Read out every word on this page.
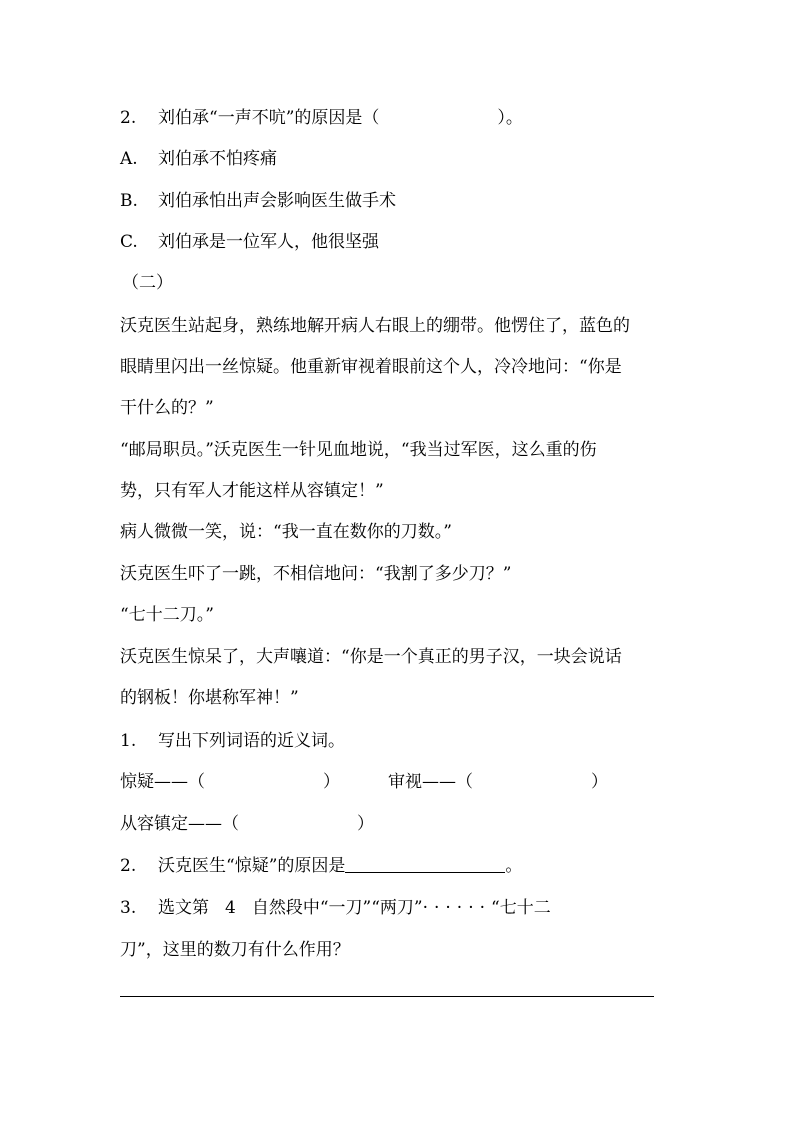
2. 刘伯承“一声不吭”的原因是（	）。
A. 刘伯承不怕疼痛
B. 刘伯承怕出声会影响医生做手术
C. 刘伯承是一位军人，他很坚强
（二）
沃克医生站起身，熟练地解开病人右眼上的绷带。他愣住了，蓝色的
眼睛里闪出一丝惊疑。他重新审视着眼前这个人，冷冷地问：“你是
干什么的？”
“邮局职员。”沃克医生一针见血地说，“我当过军医，这么重的伤
势，只有军人才能这样从容镇定！”
病人微微一笑，说：“我一直在数你的刀数。”
沃克医生吓了一跳，不相信地问：“我割了多少刀？”
“七十二刀。”
沃克医生惊呆了，大声嚷道：“你是一个真正的男子汉，一块会说话
的钢板！你堪称军神！”
1. 写出下列词语的近义词。
惊疑——（	）	审视——（	）
从容镇定——（	）
2. 沃克医生“惊疑”的原因是	。
3. 选文第 4 自然段中“一刀”“两刀”······“七十二
刀”，这里的数刀有什么作用？
